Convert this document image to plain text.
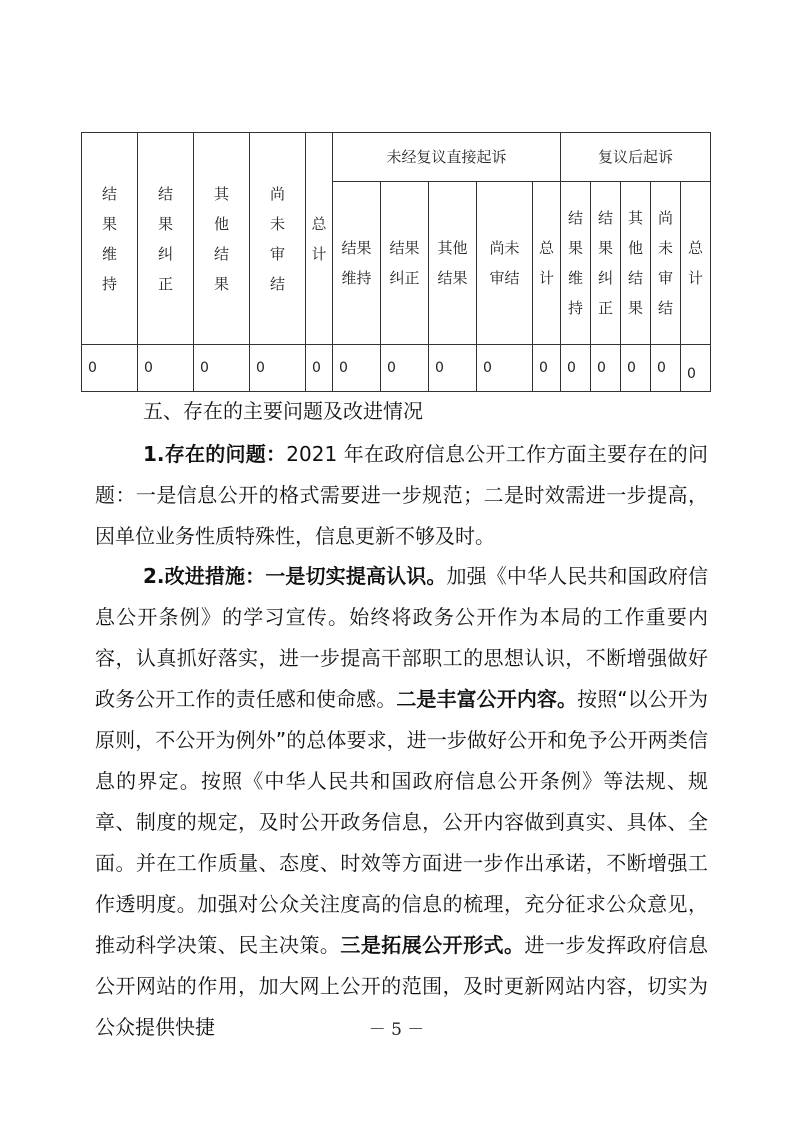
结果维持	结果纠正	其他结果	尚未审结	总计	未经复议直接起诉					复议后起诉				
					结果维持	结果纠正	其他结果	尚未审结	总计	结果维持	结果纠正	其他结果	尚未审结	总计
0	0	0	0	0	0	0	0	0	0	0	0	0	0	0

五、存在的主要问题及改进情况

1.存在的问题：2021 年在政府信息公开工作方面主要存在的问题：一是信息公开的格式需要进一步规范；二是时效需进一步提高，因单位业务性质特殊性，信息更新不够及时。

2.改进措施：一是切实提高认识。加强《中华人民共和国政府信息公开条例》的学习宣传。始终将政务公开作为本局的工作重要内容，认真抓好落实，进一步提高干部职工的思想认识，不断增强做好政务公开工作的责任感和使命感。二是丰富公开内容。按照“以公开为原则，不公开为例外”的总体要求，进一步做好公开和免予公开两类信息的界定。按照《中华人民共和国政府信息公开条例》等法规、规章、制度的规定，及时公开政务信息，公开内容做到真实、具体、全面。并在工作质量、态度、时效等方面进一步作出承诺，不断增强工作透明度。加强对公众关注度高的信息的梳理，充分征求公众意见，推动科学决策、民主决策。三是拓展公开形式。进一步发挥政府信息公开网站的作用，加大网上公开的范围，及时更新网站内容，切实为公众提供快捷	－ 5 －
